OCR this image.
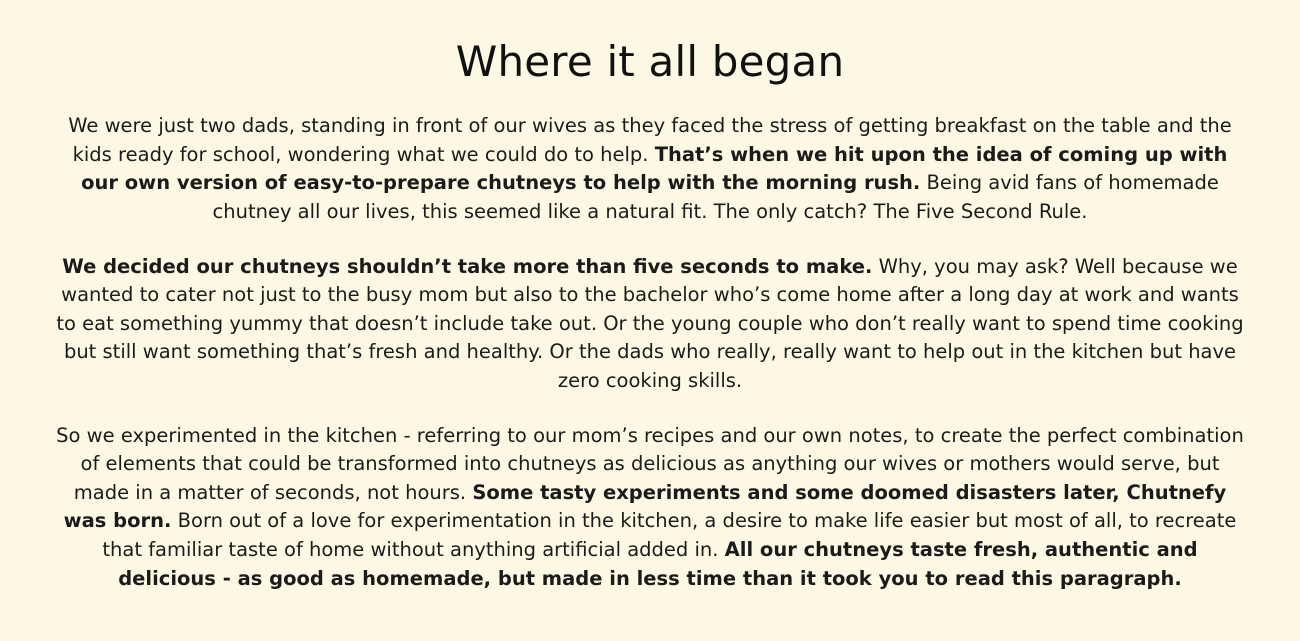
Where it all began

We were just two dads, standing in front of our wives as they faced the stress of getting breakfast on the table and the kids ready for school, wondering what we could do to help. That’s when we hit upon the idea of coming up with our own version of easy-to-prepare chutneys to help with the morning rush. Being avid fans of homemade chutney all our lives, this seemed like a natural fit. The only catch? The Five Second Rule.

We decided our chutneys shouldn’t take more than five seconds to make. Why, you may ask? Well because we wanted to cater not just to the busy mom but also to the bachelor who’s come home after a long day at work and wants to eat something yummy that doesn’t include take out. Or the young couple who don’t really want to spend time cooking but still want something that’s fresh and healthy. Or the dads who really, really want to help out in the kitchen but have zero cooking skills.

So we experimented in the kitchen - referring to our mom’s recipes and our own notes, to create the perfect combination of elements that could be transformed into chutneys as delicious as anything our wives or mothers would serve, but made in a matter of seconds, not hours. Some tasty experiments and some doomed disasters later, Chutnefy was born. Born out of a love for experimentation in the kitchen, a desire to make life easier but most of all, to recreate that familiar taste of home without anything artificial added in. All our chutneys taste fresh, authentic and delicious - as good as homemade, but made in less time than it took you to read this paragraph.
